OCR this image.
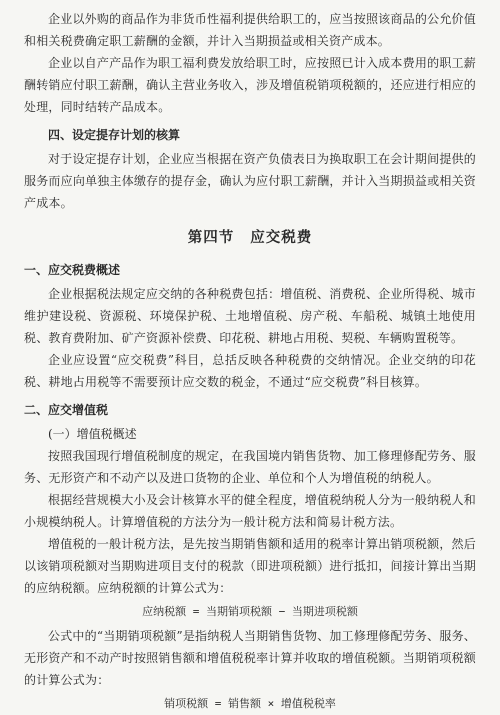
企业以外购的商品作为非货币性福利提供给职工的，应当按照该商品的公允价值和相关税费确定职工薪酬的金额，并计入当期损益或相关资产成本。

企业以自产产品作为职工福利费发放给职工时，应按照已计入成本费用的职工薪酬转销应付职工薪酬，确认主营业务收入，涉及增值税销项税额的，还应进行相应的处理，同时结转产品成本。

四、设定提存计划的核算

对于设定提存计划，企业应当根据在资产负债表日为换取职工在会计期间提供的服务而应向单独主体缴存的提存金，确认为应付职工薪酬，并计入当期损益或相关资产成本。

第四节 应交税费
一、应交税费概述

企业根据税法规定应交纳的各种税费包括：增值税、消费税、企业所得税、城市维护建设税、资源税、环境保护税、土地增值税、房产税、车船税、城镇土地使用税、教育费附加、矿产资源补偿费、印花税、耕地占用税、契税、车辆购置税等。

企业应设置“应交税费”科目，总括反映各种税费的交纳情况。企业交纳的印花税、耕地占用税等不需要预计应交数的税金，不通过“应交税费”科目核算。

二、应交增值税
(一）增值税概述

按照我国现行增值税制度的规定，在我国境内销售货物、加工修理修配劳务、服务、无形资产和不动产以及进口货物的企业、单位和个人为增值税的纳税人。

根据经营规模大小及会计核算水平的健全程度，增值税纳税人分为一般纳税人和小规模纳税人。计算增值税的方法分为一般计税方法和简易计税方法。

增值税的一般计税方法，是先按当期销售额和适用的税率计算出销项税额，然后以该销项税额对当期购进项目支付的税款（即进项税额）进行抵扣，间接计算出当期的应纳税额。应纳税额的计算公式为：

应纳税额 = 当期销项税额 − 当期进项税额

公式中的“当期销项税额”是指纳税人当期销售货物、加工修理修配劳务、服务、无形资产和不动产时按照销售额和增值税税率计算并收取的增值税额。当期销项税额的计算公式为：

销项税额 = 销售额 × 增值税税率
